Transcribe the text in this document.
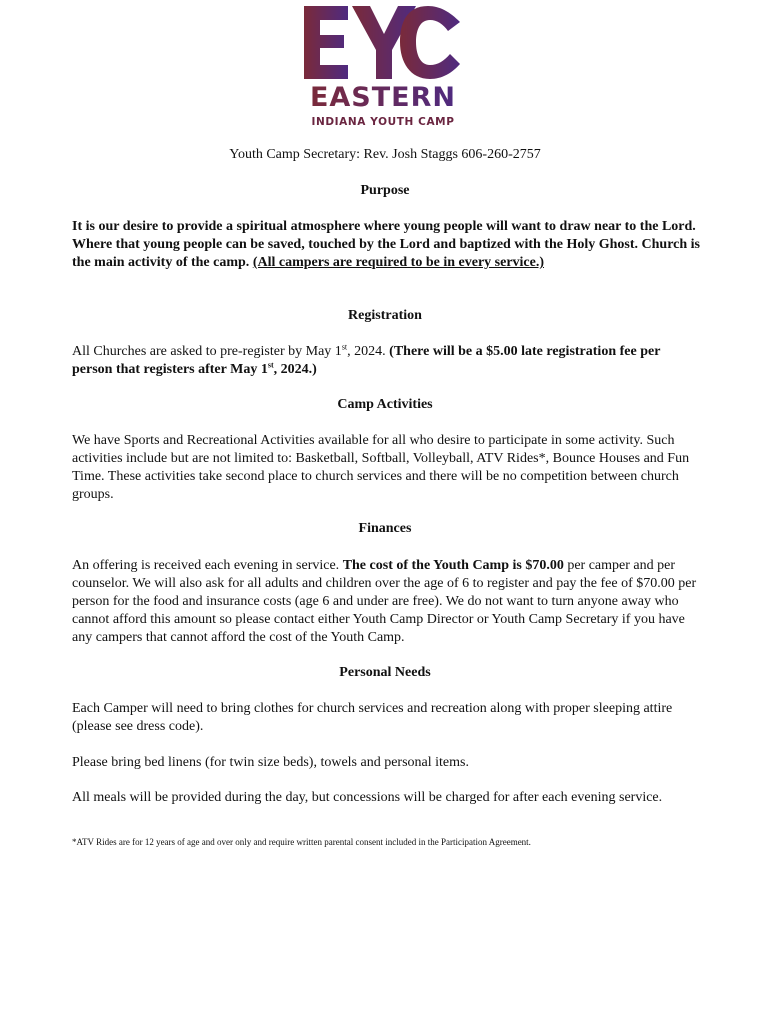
EASTERN
INDIANA YOUTH CAMP
Youth Camp Secretary: Rev. Josh Staggs 606-260-2757
Purpose
It is our desire to provide a spiritual atmosphere where young people will want to draw near to the Lord. Where that young people can be saved, touched by the Lord and baptized with the Holy Ghost. Church is the main activity of the camp. (All campers are required to be in every service.)
Registration
All Churches are asked to pre-register by May 1st, 2024. (There will be a $5.00 late registration fee per person that registers after May 1st, 2024.)
Camp Activities
We have Sports and Recreational Activities available for all who desire to participate in some activity. Such activities include but are not limited to: Basketball, Softball, Volleyball, ATV Rides*, Bounce Houses and Fun Time. These activities take second place to church services and there will be no competition between church groups.
Finances
An offering is received each evening in service. The cost of the Youth Camp is $70.00 per camper and per counselor. We will also ask for all adults and children over the age of 6 to register and pay the fee of $70.00 per person for the food and insurance costs (age 6 and under are free). We do not want to turn anyone away who cannot afford this amount so please contact either Youth Camp Director or Youth Camp Secretary if you have any campers that cannot afford the cost of the Youth Camp.
Personal Needs
Each Camper will need to bring clothes for church services and recreation along with proper sleeping attire (please see dress code).
Please bring bed linens (for twin size beds), towels and personal items.
All meals will be provided during the day, but concessions will be charged for after each evening service.
*ATV Rides are for 12 years of age and over only and require written parental consent included in the Participation Agreement.
